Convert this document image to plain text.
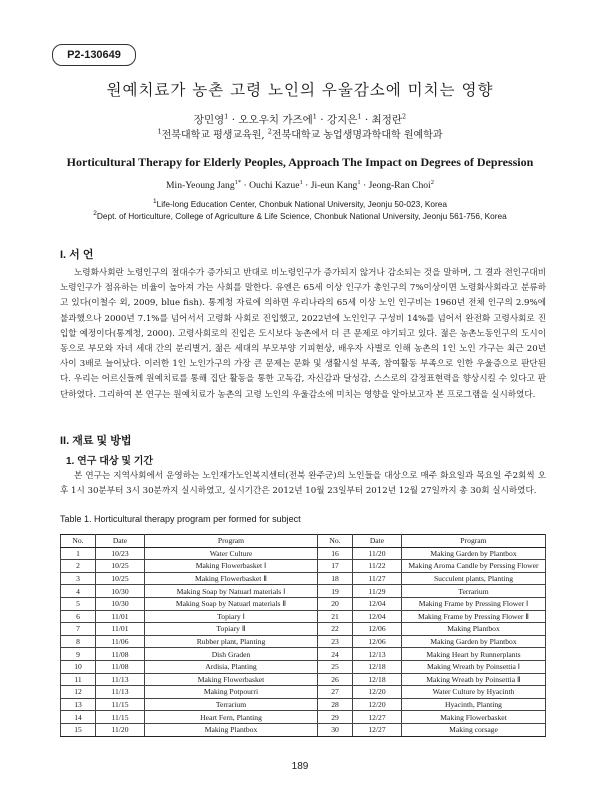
P2-130649
원예치료가 농촌 고령 노인의 우울감소에 미치는 영향
장민영$^1$ · 오오우치 가즈에$^1$ · 강지은$^1$ · 최정란$^2$
$^1$전북대학교 평생교육원, $^2$전북대학교 농업생명과학대학 원예학과
Horticultural Therapy for Elderly Peoples, Approach The Impact on Degrees of Depression
Min-Yeoung Jang$^{1*}$ · Ouchi Kazue$^1$ · Ji-eun Kang$^1$ · Jeong-Ran Choi$^2$
$^1$Life-long Education Center, Chonbuk National University, Jeonju 50-023, Korea
$^2$Dept. of Horticulture, College of Agriculture & Life Science, Chonbuk National University, Jeonju 561-756, Korea
I. 서 언

노령화사회란 노령인구의 절대수가 증가되고 반대로 비노령인구가 증가되지 않거나 감소되는 것을 말하며, 그 결과 전인구대비 노령인구가 점유하는 비율이 높아져 가는 사회를 말한다. 유엔은 65세 이상 인구가 총인구의 7%이상이면 노령화사회라고 분류하고 있다(이철수 외, 2009, blue fish). 통계청 자료에 의하면 우리나라의 65세 이상 노인 인구비는 1960년 전체 인구의 2.9%에 불과했으나 2000년 7.1%를 넘어서서 고령화 사회로 진입했고, 2022년에 노인인구 구성비 14%를 넘어서 완전화 고령사회로 진입할 예정이다(통계청, 2000). 고령사회로의 진입은 도시보다 농촌에서 더 큰 문제로 야기되고 있다. 젊은 농촌노동인구의 도시이동으로 부모와 자녀 세대 간의 분리별거, 젊은 세대의 부모부양 기피현상, 배우자 사별로 인해 농촌의 1인 노인 가구는 최근 20년 사이 3배로 늘어났다. 이러한 1인 노인가구의 가장 큰 문제는 문화 및 생활시설 부족, 참여활동 부족으로 인한 우울증으로 판단된다. 우리는 어르신들께 원예치료를 통해 집단 활동을 통한 고독감, 자신감과 달성감, 스스로의 감정표현력을 향상시킬 수 있다고 판단하였다. 그리하여 본 연구는 원예치료가 농촌의 고령 노인의 우울감소에 미치는 영향을 알아보고자 본 프로그램을 실시하였다.

II. 재료 및 방법
1. 연구 대상 및 기간

본 연구는 지역사회에서 운영하는 노인재가노인복지센터(전북 완주군)의 노인들을 대상으로 매주 화요일과 목요일 주2회씩 오후 1시 30분부터 3시 30분까지 실시하였고, 실시기간은 2012년 10월 23일부터 2012년 12월 27일까지 총 30회 실시하였다.

Table 1. Horticultural therapy program per formed for subject
No.	Date	Program	No.	Date	Program
1	10/23	Water Culture	16	11/20	Making Garden by Plantbox
2	10/25	Making Flowerbasket Ⅰ	17	11/22	Making Aroma Candle by Perssing Flower
3	10/25	Making Flowerbasket Ⅱ	18	11/27	Succulent plants, Planting
4	10/30	Making Soap by Natuarl materials Ⅰ	19	11/29	Terrarium
5	10/30	Making Soap by Natuarl materials Ⅱ	20	12/04	Making Frame by Pressing Flower Ⅰ
6	11/01	Topiary Ⅰ	21	12/04	Making Frame by Pressing Flower Ⅱ
7	11/01	Topiary Ⅱ	22	12/06	Making Plantbox
8	11/06	Rubber plant, Planting	23	12/06	Making Garden by Plantbox
9	11/08	Dish Graden	24	12/13	Making Heart by Runnerplants
10	11/08	Ardisia, Planting	25	12/18	Making Wreath by Poinsettia Ⅰ
11	11/13	Making Flowerbasket	26	12/18	Making Wreath by Poinsettia Ⅱ
12	11/13	Making Potpourri	27	12/20	Water Culture by Hyacinth
13	11/15	Terrarium	28	12/20	Hyacinth, Planting
14	11/15	Heart Fern, Planting	29	12/27	Making Flowerbasket
15	11/20	Making Plantbox	30	12/27	Making corsage
189
